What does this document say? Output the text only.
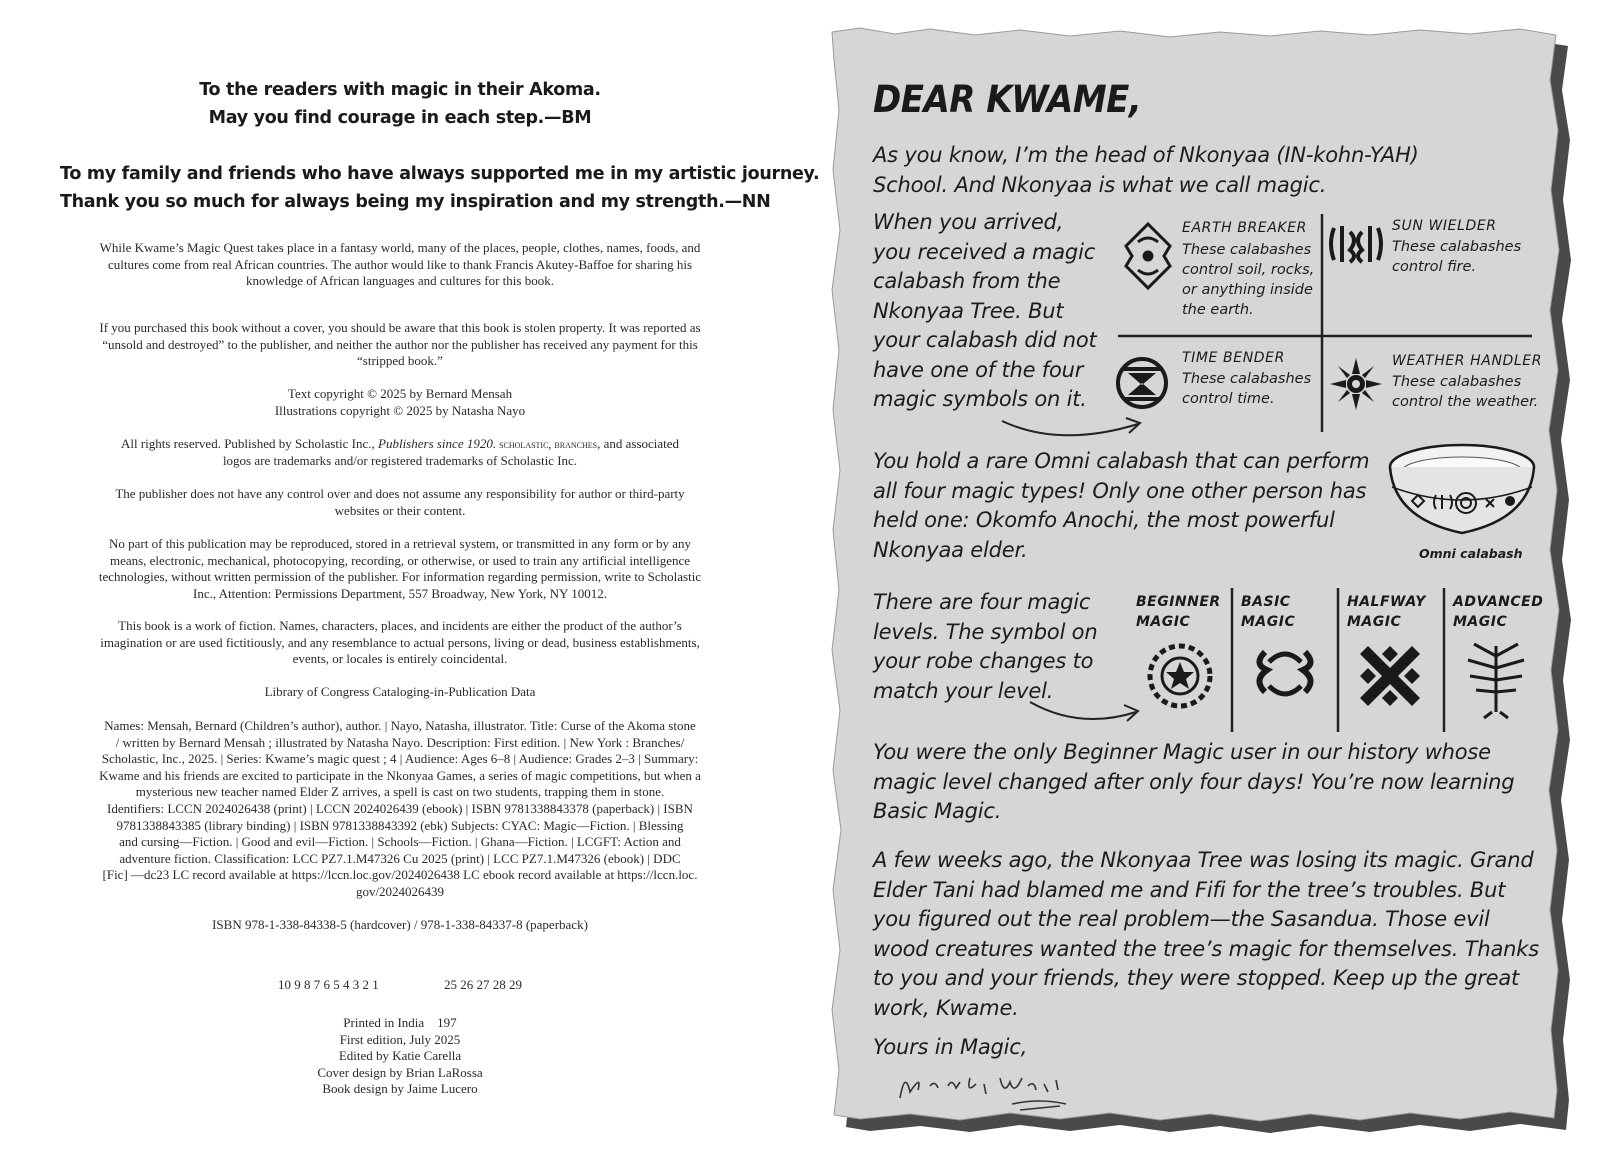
To the readers with magic in their Akoma.
May you find courage in each step.—BM
To my family and friends who have always supported me in my artistic journey.
Thank you so much for always being my inspiration and my strength.—NN
While Kwame’s Magic Quest takes place in a fantasy world, many of the places, people, clothes, names, foods, and
cultures come from real African countries. The author would like to thank Francis Akutey-Baffoe for sharing his
knowledge of African languages and cultures for this book.
If you purchased this book without a cover, you should be aware that this book is stolen property. It was reported as
“unsold and destroyed” to the publisher, and neither the author nor the publisher has received any payment for this
“stripped book.”
Text copyright © 2025 by Bernard Mensah
Illustrations copyright © 2025 by Natasha Nayo
All rights reserved. Published by Scholastic Inc., Publishers since 1920. scholastic, branches, and associated
logos are trademarks and/or registered trademarks of Scholastic Inc.
The publisher does not have any control over and does not assume any responsibility for author or third-party
websites or their content.
No part of this publication may be reproduced, stored in a retrieval system, or transmitted in any form or by any
means, electronic, mechanical, photocopying, recording, or otherwise, or used to train any artificial intelligence
technologies, without written permission of the publisher. For information regarding permission, write to Scholastic
Inc., Attention: Permissions Department, 557 Broadway, New York, NY 10012.
This book is a work of fiction. Names, characters, places, and incidents are either the product of the author’s
imagination or are used fictitiously, and any resemblance to actual persons, living or dead, business establishments,
events, or locales is entirely coincidental.
Library of Congress Cataloging-in-Publication Data
Names: Mensah, Bernard (Children’s author), author. | Nayo, Natasha, illustrator. Title: Curse of the Akoma stone
/ written by Bernard Mensah ; illustrated by Natasha Nayo. Description: First edition. | New York : Branches/
Scholastic, Inc., 2025. | Series: Kwame’s magic quest ; 4 | Audience: Ages 6–8 | Audience: Grades 2–3 | Summary:
Kwame and his friends are excited to participate in the Nkonyaa Games, a series of magic competitions, but when a
mysterious new teacher named Elder Z arrives, a spell is cast on two students, trapping them in stone.
Identifiers: LCCN 2024026438 (print) | LCCN 2024026439 (ebook) | ISBN 9781338843378 (paperback) | ISBN
9781338843385 (library binding) | ISBN 9781338843392 (ebk) Subjects: CYAC: Magic—Fiction. | Blessing
and cursing—Fiction. | Good and evil—Fiction. | Schools—Fiction. | Ghana—Fiction. | LCGFT: Action and
adventure fiction. Classification: LCC PZ7.1.M47326 Cu 2025 (print) | LCC PZ7.1.M47326 (ebook) | DDC
[Fic] —dc23 LC record available at https://lccn.loc.gov/2024026438 LC ebook record available at https://lccn.loc.
gov/2024026439
ISBN 978-1-338-84338-5 (hardcover) / 978-1-338-84337-8 (paperback)
10 9 8 7 6 5 4 3 2 1	25 26 27 28 29
Printed in India    197
First edition, July 2025
Edited by Katie Carella
Cover design by Brian LaRossa
Book design by Jaime Lucero
DEAR KWAME,
As you know, I’m the head of Nkonyaa (IN-kohn-YAH)
School. And Nkonyaa is what we call magic.
When you arrived,
you received a magic
calabash from the
Nkonyaa Tree. But
your calabash did not
have one of the four
magic symbols on it.
EARTH BREAKER
These calabashes
control soil, rocks,
or anything inside
the earth.
SUN WIELDER
These calabashes
control fire.
TIME BENDER
These calabashes
control time.
WEATHER HANDLER
These calabashes
control the weather.
You hold a rare Omni calabash that can perform
all four magic types! Only one other person has
held one: Okomfo Anochi, the most powerful
Nkonyaa elder.	Omni calabash
There are four magic
levels. The symbol on
your robe changes to
match your level.
BEGINNER
MAGIC
BASIC
MAGIC
HALFWAY
MAGIC
ADVANCED
MAGIC
You were the only Beginner Magic user in our history whose
magic level changed after only four days! You’re now learning
Basic Magic.
A few weeks ago, the Nkonyaa Tree was losing its magic. Grand
Elder Tani had blamed me and Fifi for the tree’s troubles. But
you figured out the real problem—the Sasandua. Those evil
wood creatures wanted the tree’s magic for themselves. Thanks
to you and your friends, they were stopped. Keep up the great
work, Kwame.
Yours in Magic,
